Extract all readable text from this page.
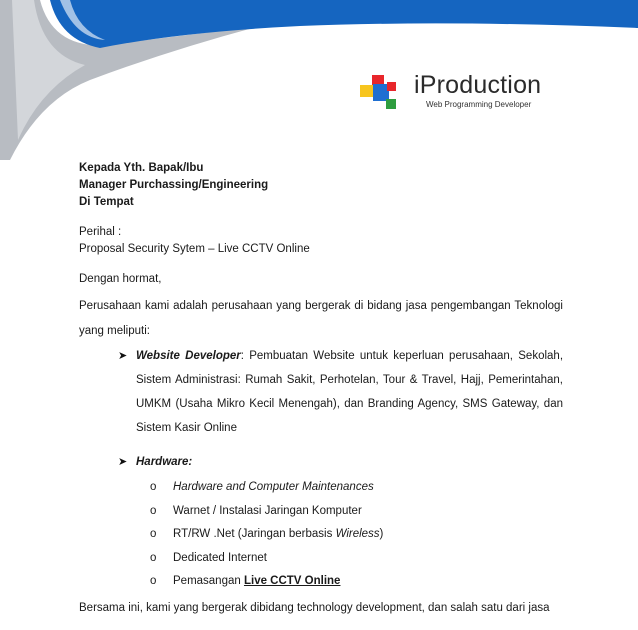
iProduction
Web Programming Developer
Kepada Yth. Bapak/Ibu
Manager Purchassing/Engineering
Di Tempat
Perihal :
Proposal Security Sytem – Live CCTV Online
Dengan hormat,
Perusahaan kami adalah perusahaan yang bergerak di bidang jasa pengembangan Teknologi yang meliputi:
➤ Website Developer: Pembuatan Website untuk keperluan perusahaan, Sekolah, Sistem Administrasi: Rumah Sakit, Perhotelan, Tour & Travel, Hajj, Pemerintahan, UMKM (Usaha Mikro Kecil Menengah), dan Branding Agency, SMS Gateway, dan Sistem Kasir Online
➤ Hardware:
o Hardware and Computer Maintenances
o Warnet / Instalasi Jaringan Komputer
o RT/RW .Net (Jaringan berbasis Wireless)
o Dedicated Internet
o Pemasangan Live CCTV Online
Bersama ini, kami yang bergerak dibidang technology development, dan salah satu dari jasa
